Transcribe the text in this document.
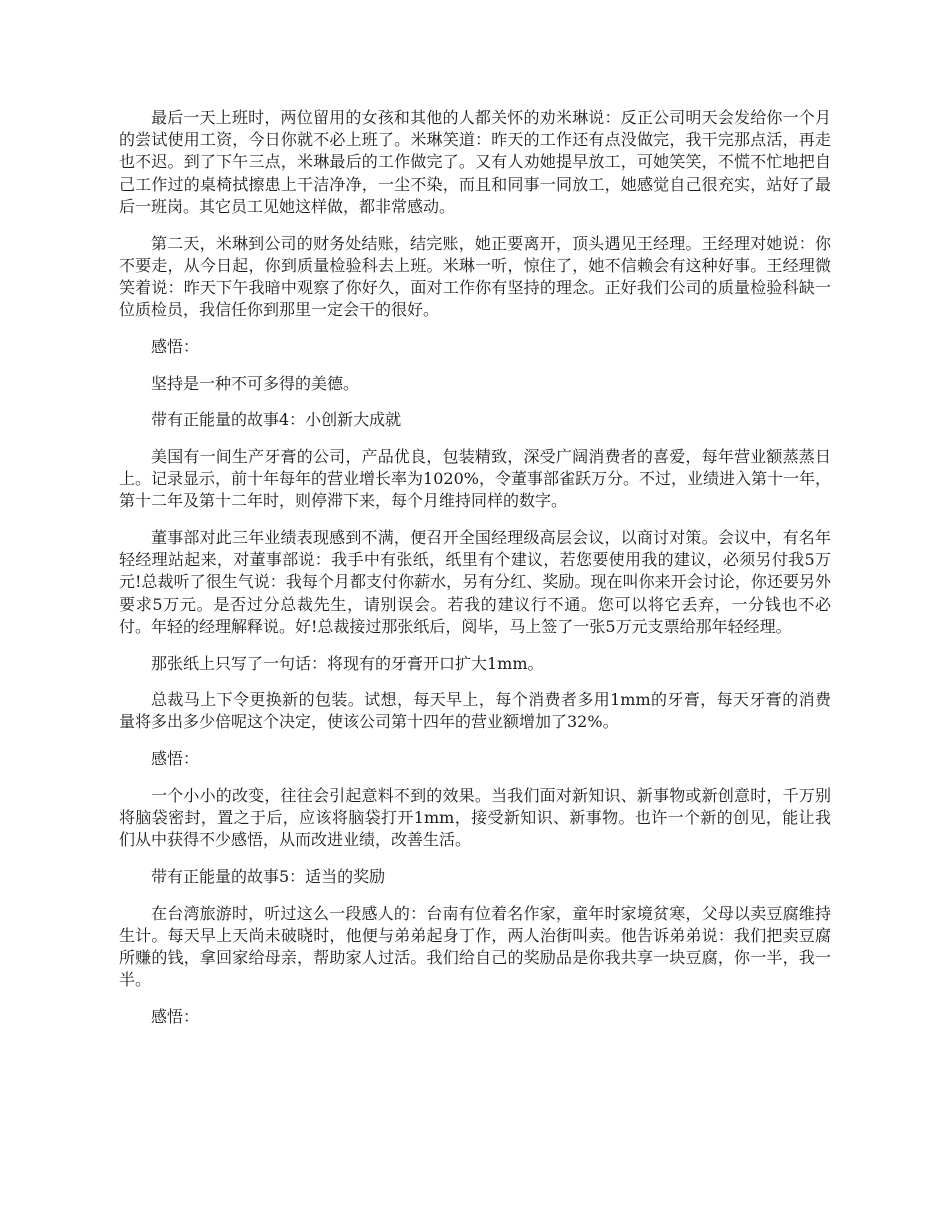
最后一天上班时，两位留用的女孩和其他的人都关怀的劝米琳说：反正公司明天会发给你一个月的尝试使用工资，今日你就不必上班了。米琳笑道：昨天的工作还有点没做完，我干完那点活，再走也不迟。到了下午三点，米琳最后的工作做完了。又有人劝她提早放工，可她笑笑，不慌不忙地把自己工作过的桌椅拭擦患上干洁净净，一尘不染，而且和同事一同放工，她感觉自己很充实，站好了最后一班岗。其它员工见她这样做，都非常感动。

第二天，米琳到公司的财务处结账，结完账，她正要离开，顶头遇见王经理。王经理对她说：你不要走，从今日起，你到质量检验科去上班。米琳一听，惊住了，她不信赖会有这种好事。王经理微笑着说：昨天下午我暗中观察了你好久，面对工作你有坚持的理念。正好我们公司的质量检验科缺一位质检员，我信任你到那里一定会干的很好。

感悟：

坚持是一种不可多得的美德。

带有正能量的故事4：小创新大成就

美国有一间生产牙膏的公司，产品优良，包装精致，深受广阔消费者的喜爱，每年营业额蒸蒸日上。记录显示，前十年每年的营业增长率为1020%，令董事部雀跃万分。不过，业绩进入第十一年，第十二年及第十二年时，则停滞下来，每个月维持同样的数字。

董事部对此三年业绩表现感到不满，便召开全国经理级高层会议，以商讨对策。会议中，有名年轻经理站起来，对董事部说：我手中有张纸，纸里有个建议，若您要使用我的建议，必须另付我5万元!总裁听了很生气说：我每个月都支付你薪水，另有分红、奖励。现在叫你来开会讨论，你还要另外要求5万元。是否过分总裁先生，请别误会。若我的建议行不通。您可以将它丢弃，一分钱也不必付。年轻的经理解释说。好!总裁接过那张纸后，阅毕，马上签了一张5万元支票给那年轻经理。

那张纸上只写了一句话：将现有的牙膏开口扩大1mm。

总裁马上下令更换新的包装。试想，每天早上，每个消费者多用1mm的牙膏，每天牙膏的消费量将多出多少倍呢这个决定，使该公司第十四年的营业额增加了32%。

感悟：

一个小小的改变，往往会引起意料不到的效果。当我们面对新知识、新事物或新创意时，千万别将脑袋密封，置之于后，应该将脑袋打开1mm，接受新知识、新事物。也许一个新的创见，能让我们从中获得不少感悟，从而改进业绩，改善生活。

带有正能量的故事5：适当的奖励

在台湾旅游时，听过这么一段感人的：台南有位着名作家，童年时家境贫寒，父母以卖豆腐维持生计。每天早上天尚未破晓时，他便与弟弟起身丁作，两人治街叫卖。他告诉弟弟说：我们把卖豆腐所赚的钱，拿回家给母亲，帮助家人过活。我们给自己的奖励品是你我共享一块豆腐，你一半，我一半。

感悟：
